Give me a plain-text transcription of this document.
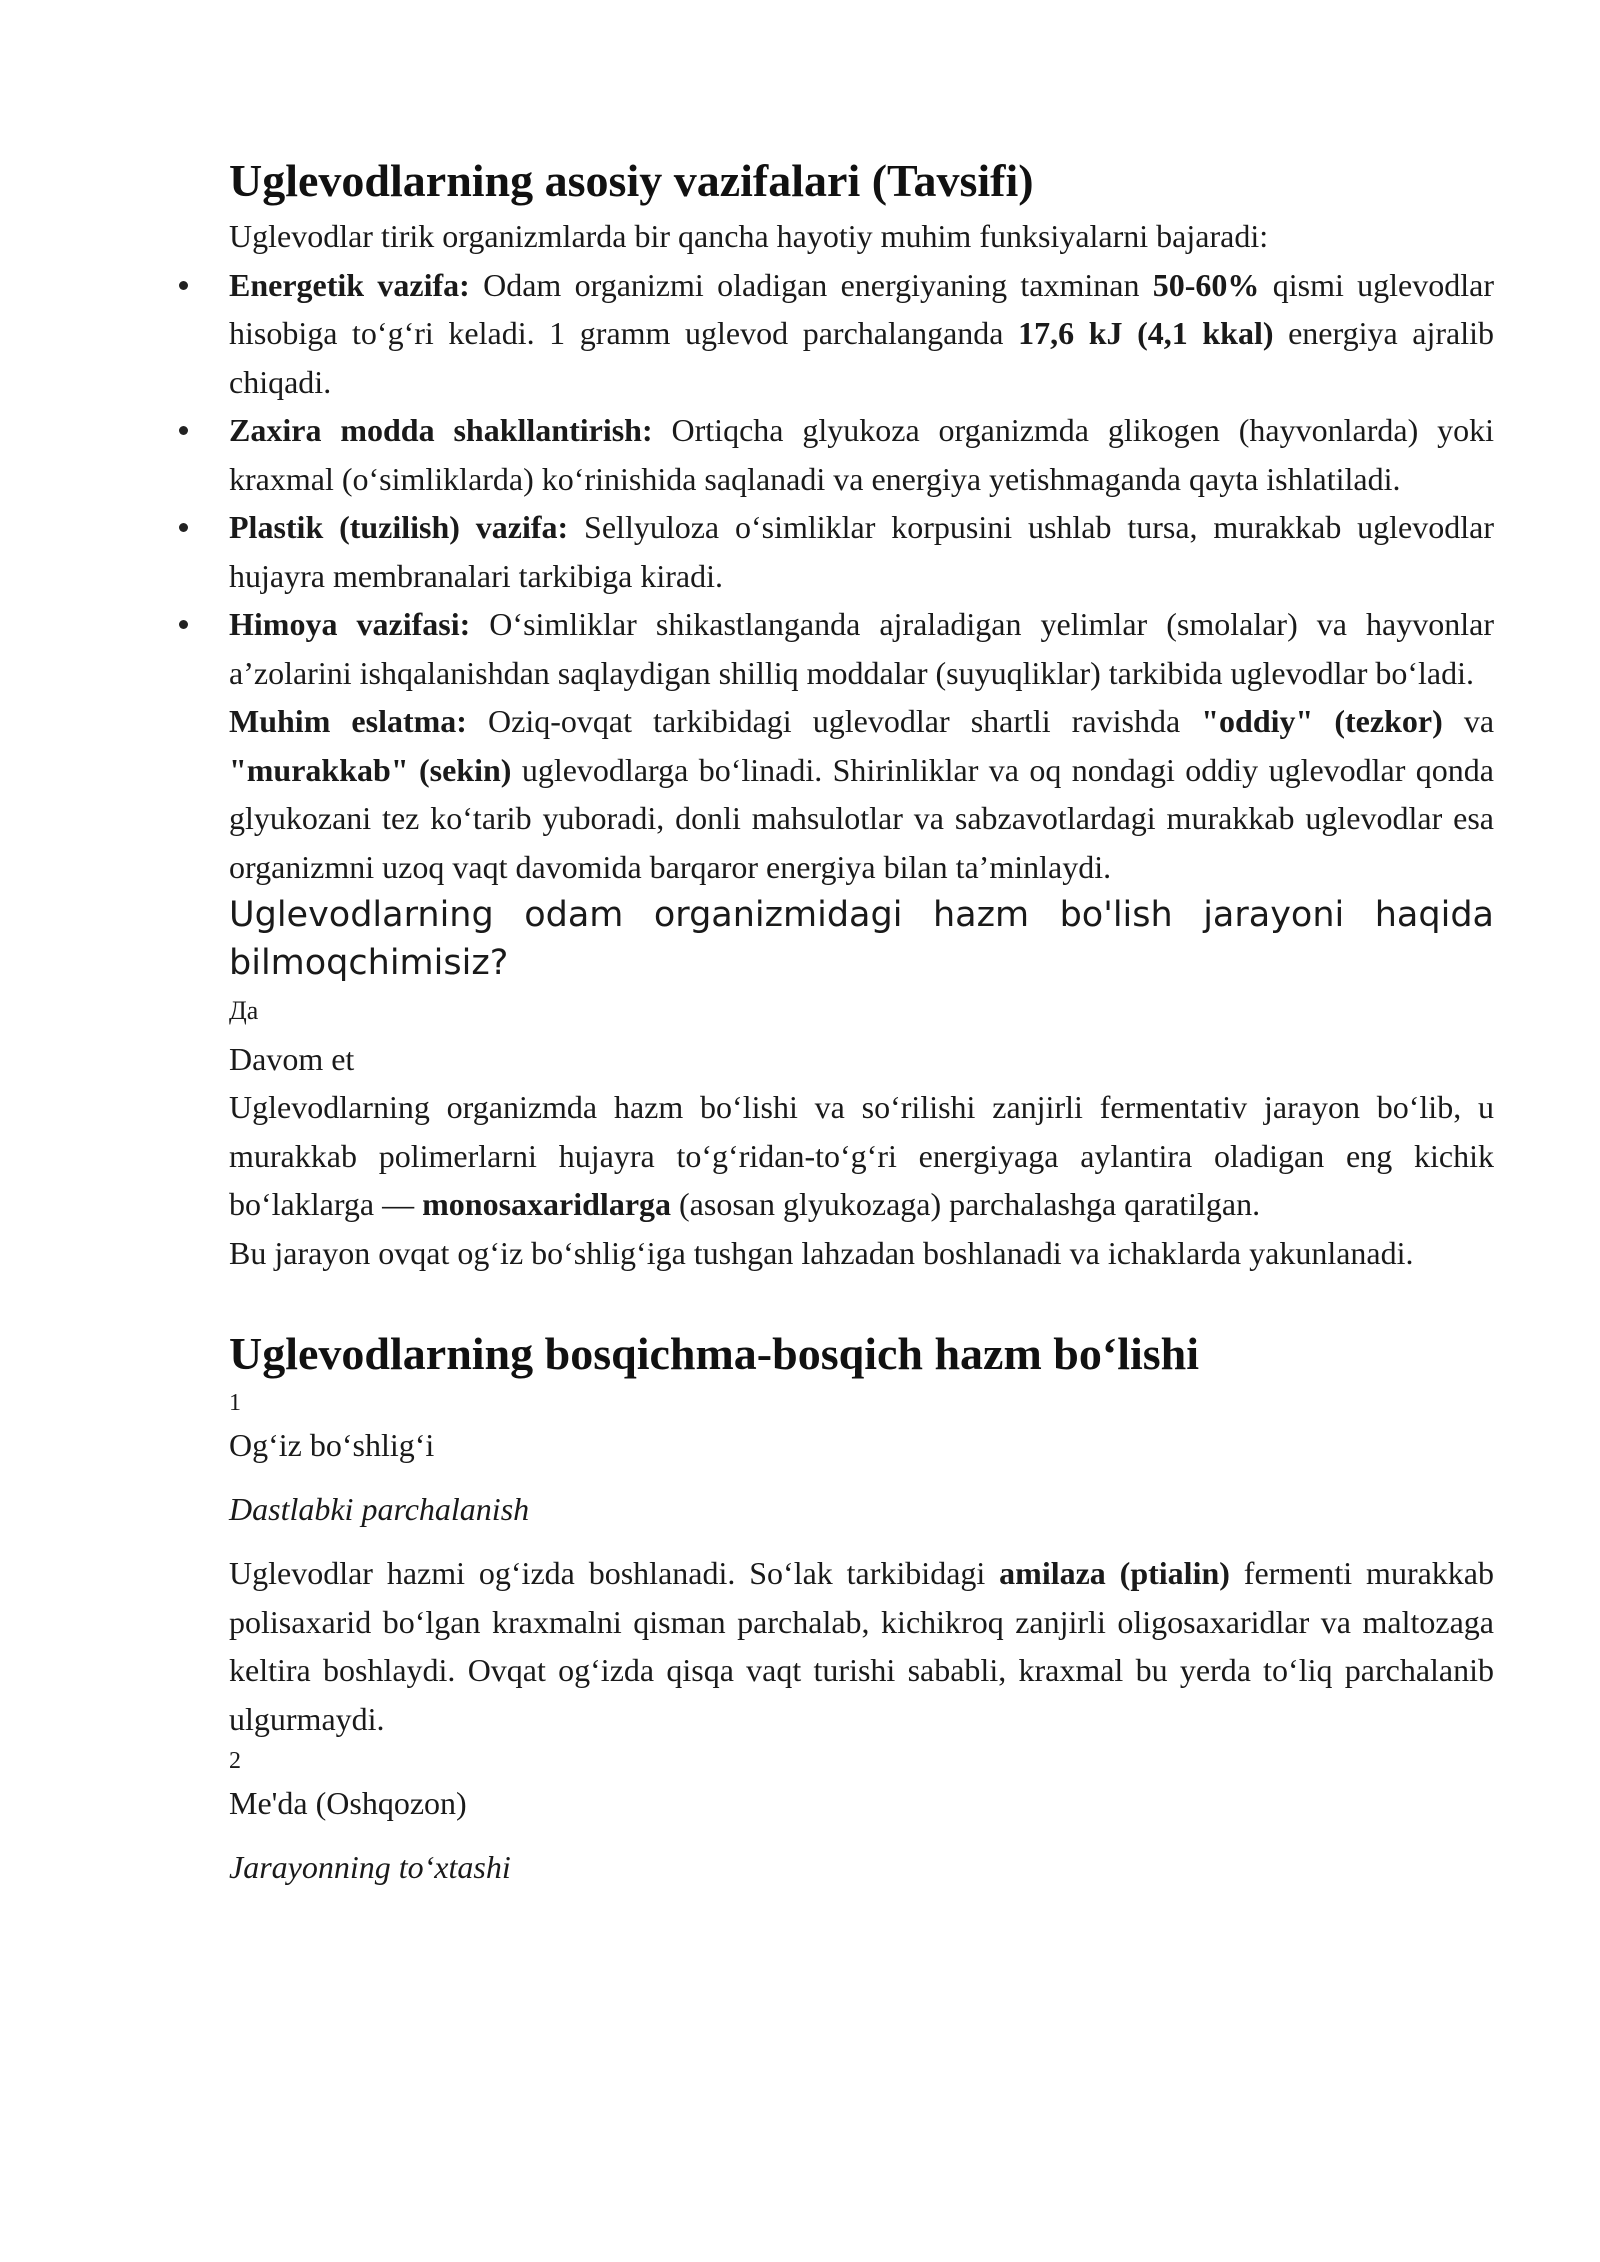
Uglevodlarning asosiy vazifalari (Tavsifi)

Uglevodlar tirik organizmlarda bir qancha hayotiy muhim funksiyalarni bajaradi:

Energetik vazifa: Odam organizmi oladigan energiyaning taxminan 50-60% qismi uglevodlar hisobiga to‘g‘ri keladi. 1 gramm uglevod parchalanganda 17,6 kJ (4,1 kkal) energiya ajralib chiqadi.
Zaxira modda shakllantirish: Ortiqcha glyukoza organizmda glikogen (hayvonlarda) yoki kraxmal (o‘simliklarda) ko‘rinishida saqlanadi va energiya yetishmaganda qayta ishlatiladi.
Plastik (tuzilish) vazifa: Sellyuloza o‘simliklar korpusini ushlab tursa, murakkab uglevodlar hujayra membranalari tarkibiga kiradi.
Himoya vazifasi: O‘simliklar shikastlanganda ajraladigan yelimlar (smolalar) va hayvonlar a’zolarini ishqalanishdan saqlaydigan shilliq moddalar (suyuqliklar) tarkibida uglevodlar bo‘ladi.

Muhim eslatma: Oziq-ovqat tarkibidagi uglevodlar shartli ravishda "oddiy" (tezkor) va "murakkab" (sekin) uglevodlarga bo‘linadi. Shirinliklar va oq nondagi oddiy uglevodlar qonda glyukozani tez ko‘tarib yuboradi, donli mahsulotlar va sabzavotlardagi murakkab uglevodlar esa organizmni uzoq vaqt davomida barqaror energiya bilan ta’minlaydi.

Uglevodlarning odam organizmidagi hazm bo'lish jarayoni haqida bilmoqchimisiz?

Да

Davom et

Uglevodlarning organizmda hazm bo‘lishi va so‘rilishi zanjirli fermentativ jarayon bo‘lib, u murakkab polimerlarni hujayra to‘g‘ridan-to‘g‘ri energiyaga aylantira oladigan eng kichik bo‘laklarga — monosaxaridlarga (asosan glyukozaga) parchalashga qaratilgan.

Bu jarayon ovqat og‘iz bo‘shlig‘iga tushgan lahzadan boshlanadi va ichaklarda yakunlanadi.

Uglevodlarning bosqichma-bosqich hazm bo‘lishi

1

Og‘iz bo‘shlig‘i

Dastlabki parchalanish

Uglevodlar hazmi og‘izda boshlanadi. So‘lak tarkibidagi amilaza (ptialin) fermenti murakkab polisaxarid bo‘lgan kraxmalni qisman parchalab, kichikroq zanjirli oligosaxaridlar va maltozaga keltira boshlaydi. Ovqat og‘izda qisqa vaqt turishi sababli, kraxmal bu yerda to‘liq parchalanib ulgurmaydi.

2

Me'da (Oshqozon)

Jarayonning to‘xtashi
